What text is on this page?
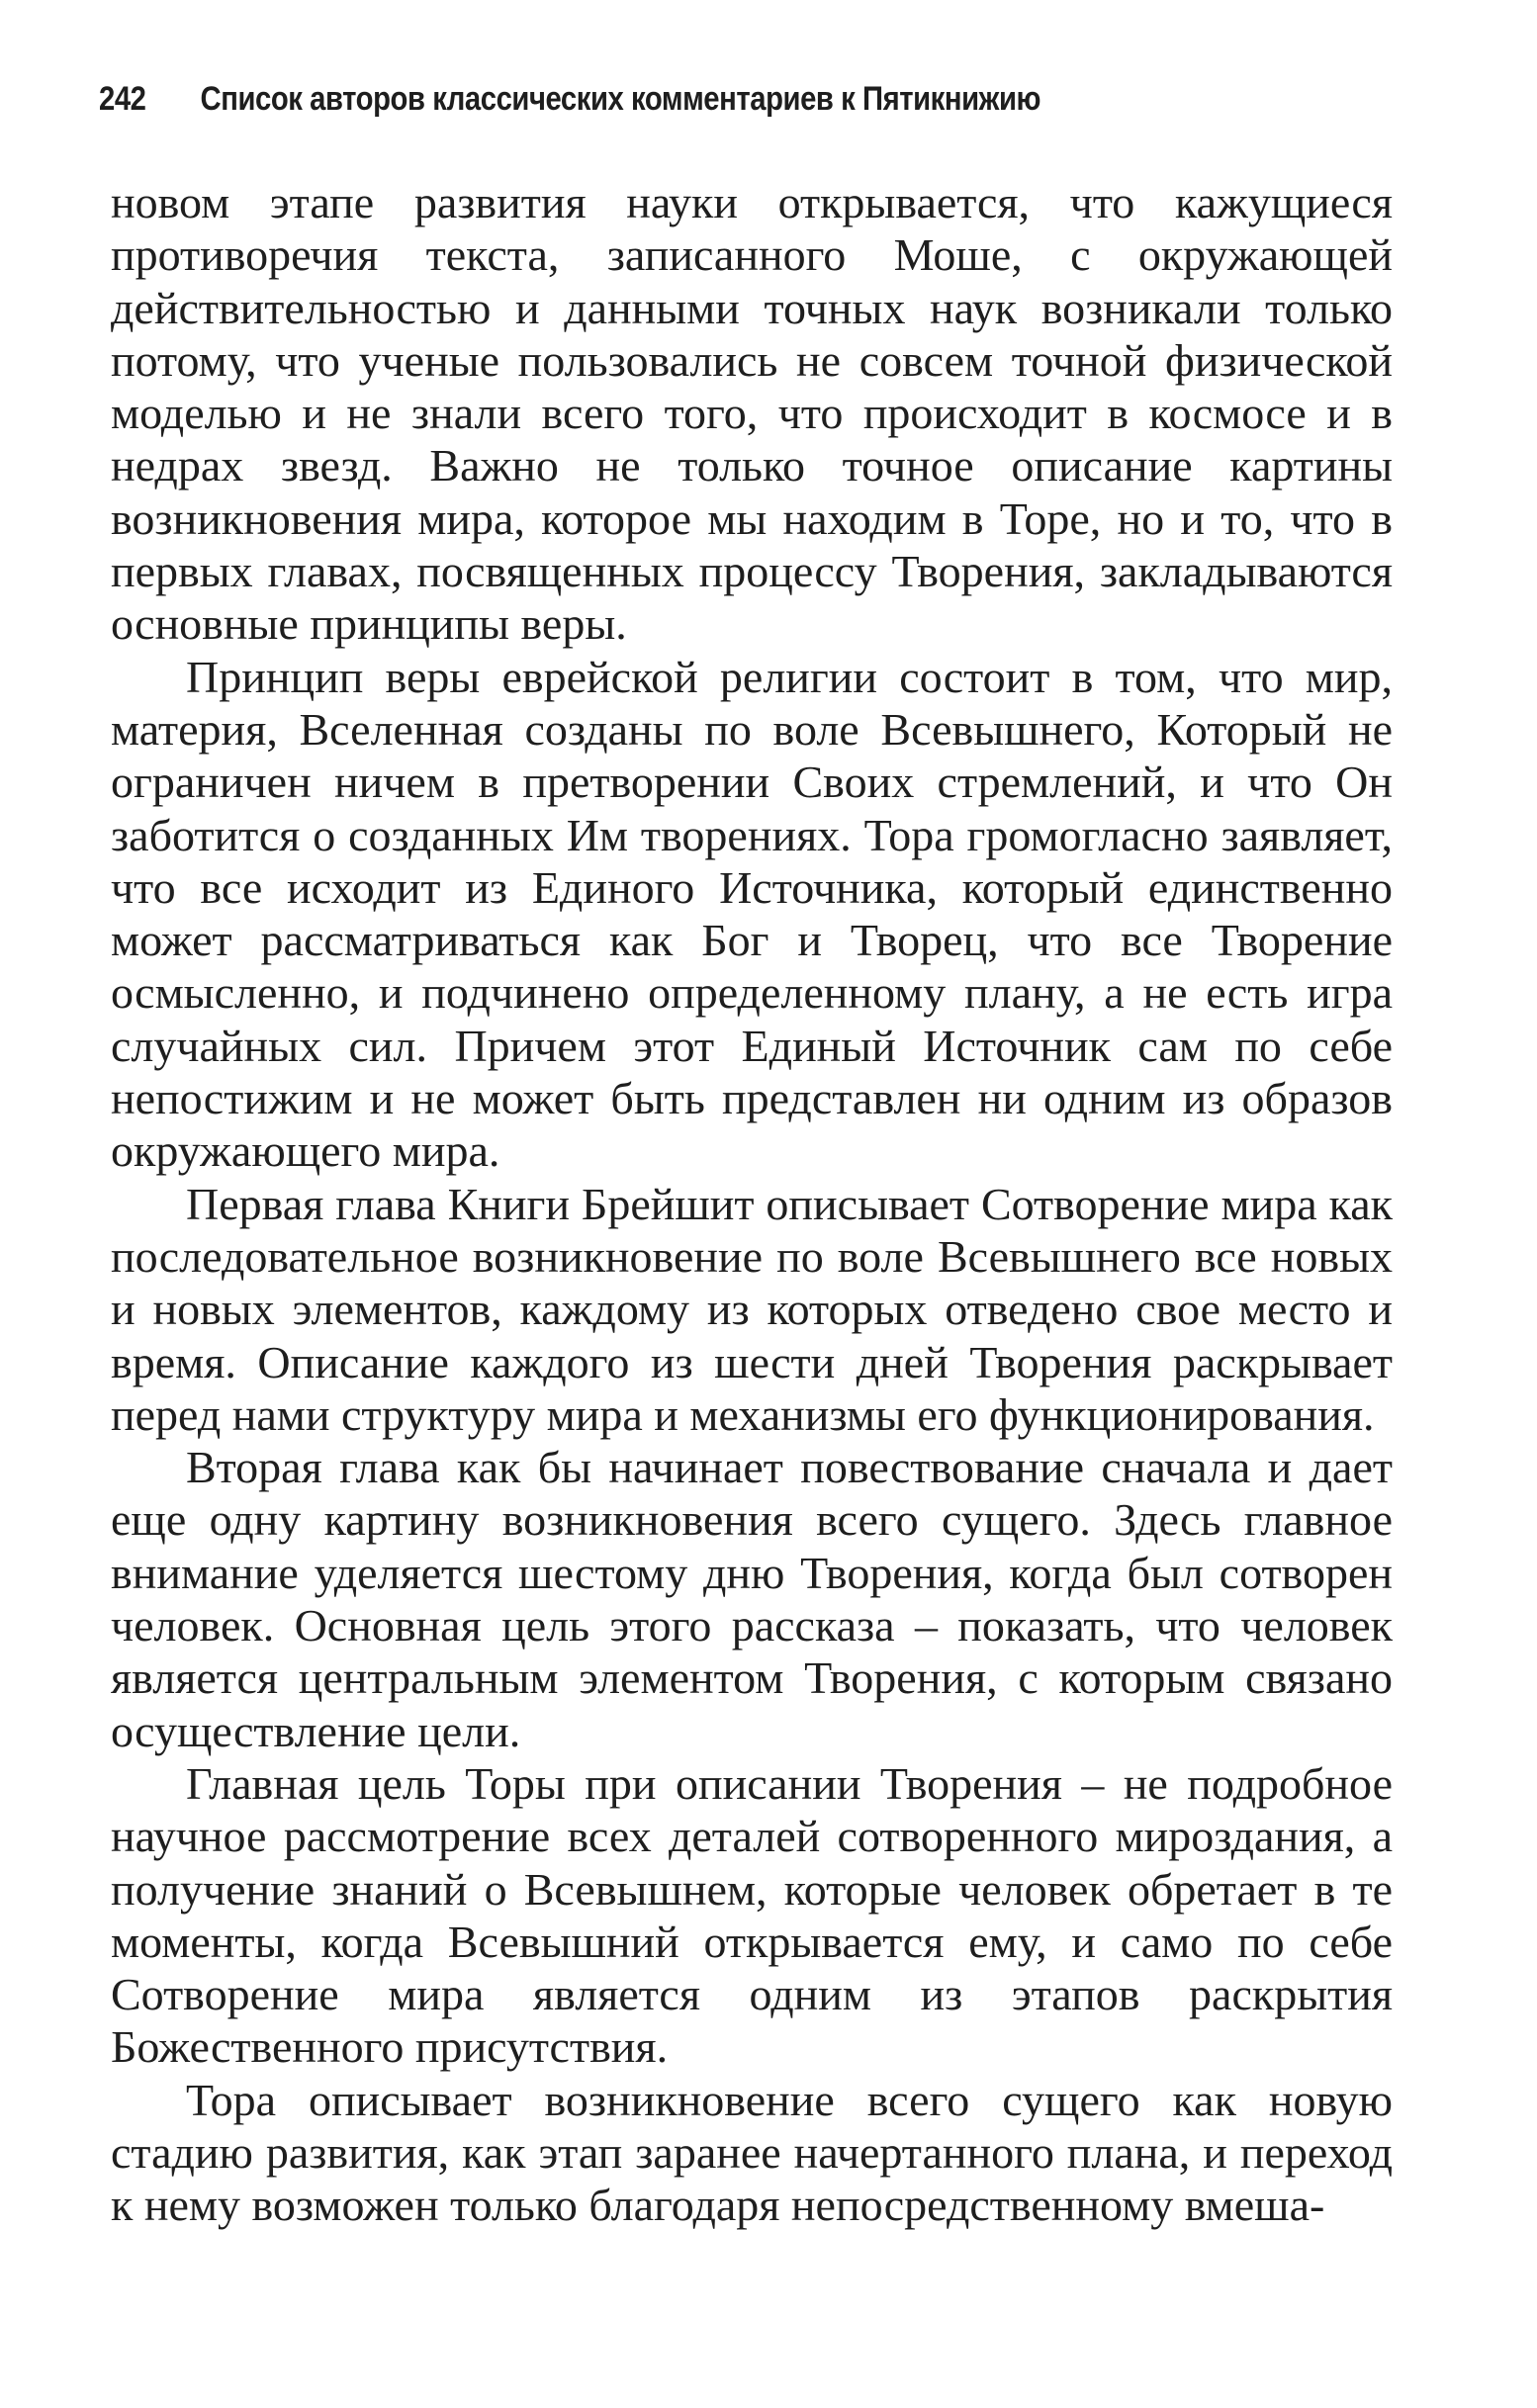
242 Список авторов классических комментариев к Пятикнижию

новом этапе развития науки открывается, что кажущиеся противоречия текста, записанного Моше, с окружающей действительностью и данными точных наук возникали только потому, что ученые пользовались не совсем точной физической моделью и не знали всего того, что происходит в космосе и в недрах звезд. Важно не только точное описание картины возникновения мира, которое мы находим в Торе, но и то, что в первых главах, посвященных процессу Творения, закладываются основные принципы веры.

Принцип веры еврейской религии состоит в том, что мир, материя, Вселенная созданы по воле Всевышнего, Который не ограничен ничем в претворении Своих стремлений, и что Он заботится о созданных Им творениях. Тора громогласно заявляет, что все исходит из Единого Источника, который единственно может рассматриваться как Бог и Творец, что все Творение осмысленно, и подчинено определенному плану, а не есть игра случайных сил. Причем этот Единый Источник сам по себе непостижим и не может быть представлен ни одним из образов окружающего мира.

Первая глава Книги Брейшит описывает Сотворение мира как последовательное возникновение по воле Всевышнего все новых и новых элементов, каждому из которых отведено свое место и время. Описание каждого из шести дней Творения раскрывает перед нами структуру мира и механизмы его функционирования.

Вторая глава как бы начинает повествование сначала и дает еще одну картину возникновения всего сущего. Здесь главное внимание уделяется шестому дню Творения, когда был сотворен человек. Основная цель этого рассказа – показать, что человек является центральным элементом Творения, с которым связано осуществление цели.

Главная цель Торы при описании Творения – не подробное научное рассмотрение всех деталей сотворенного мироздания, а получение знаний о Всевышнем, которые человек обретает в те моменты, когда Всевышний открывается ему, и само по себе Сотворение мира является одним из этапов раскрытия Божественного присутствия.

Тора описывает возникновение всего сущего как новую стадию развития, как этап заранее начертанного плана, и переход к нему возможен только благодаря непосредственному вмеша-
